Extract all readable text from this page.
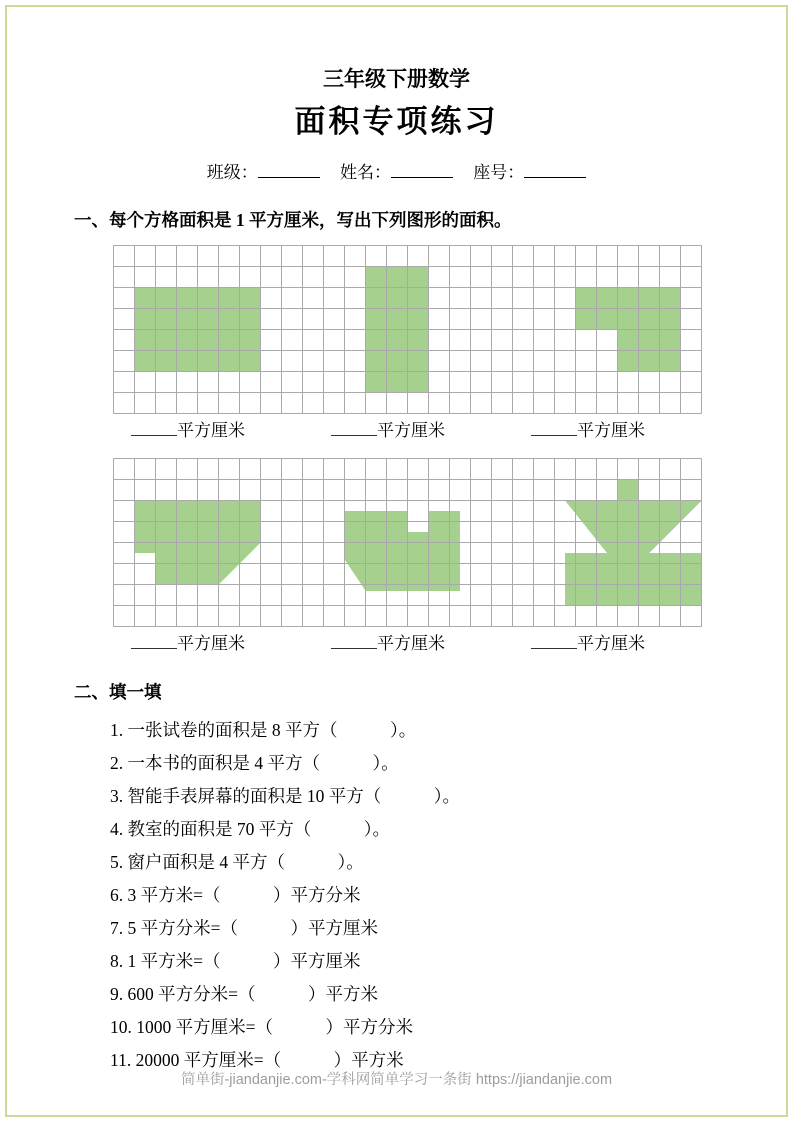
三年级下册数学
面积专项练习
班级：	姓名：	座号：
一、每个方格面积是 1 平方厘米，写出下列图形的面积。
平方厘米	平方厘米	平方厘米
平方厘米	平方厘米	平方厘米
二、填一填
1. 一张试卷的面积是 8 平方（　　　）。
2. 一本书的面积是 4 平方（　　　）。
3. 智能手表屏幕的面积是 10 平方（　　　）。
4. 教室的面积是 70 平方（　　　）。
5. 窗户面积是 4 平方（　　　）。
6. 3 平方米=（　　　）平方分米
7. 5 平方分米=（　　　）平方厘米
8. 1 平方米=（　　　）平方厘米
9. 600 平方分米=（　　　）平方米
10. 1000 平方厘米=（　　　）平方分米
11. 20000 平方厘米=（　　　）平方米
简单街-jiandanjie.com-学科网简单学习一条街 https://jiandanjie.com
